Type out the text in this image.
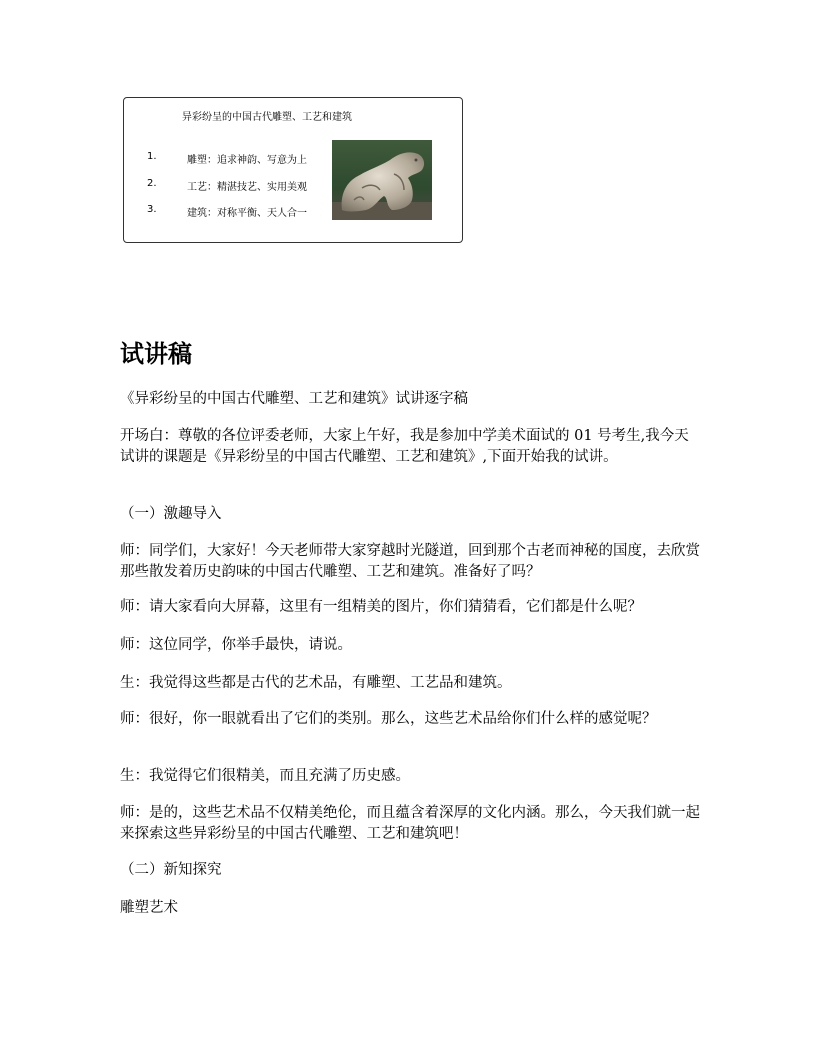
异彩纷呈的中国古代雕塑、工艺和建筑
1.	雕塑：追求神韵、写意为上
2.	工艺：精湛技艺、实用美观
3.	建筑：对称平衡、天人合一
试讲稿
《异彩纷呈的中国古代雕塑、工艺和建筑》试讲逐字稿
开场白：尊敬的各位评委老师，大家上午好，我是参加中学美术面试的 01 号考生,我今天试讲的课题是《异彩纷呈的中国古代雕塑、工艺和建筑》,下面开始我的试讲。
（一）激趣导入
师：同学们，大家好！今天老师带大家穿越时光隧道，回到那个古老而神秘的国度，去欣赏那些散发着历史韵味的中国古代雕塑、工艺和建筑。准备好了吗？
师：请大家看向大屏幕，这里有一组精美的图片，你们猜猜看，它们都是什么呢？
师：这位同学，你举手最快，请说。
生：我觉得这些都是古代的艺术品，有雕塑、工艺品和建筑。
师：很好，你一眼就看出了它们的类别。那么，这些艺术品给你们什么样的感觉呢？
生：我觉得它们很精美，而且充满了历史感。
师：是的，这些艺术品不仅精美绝伦，而且蕴含着深厚的文化内涵。那么，今天我们就一起来探索这些异彩纷呈的中国古代雕塑、工艺和建筑吧！
（二）新知探究
雕塑艺术
